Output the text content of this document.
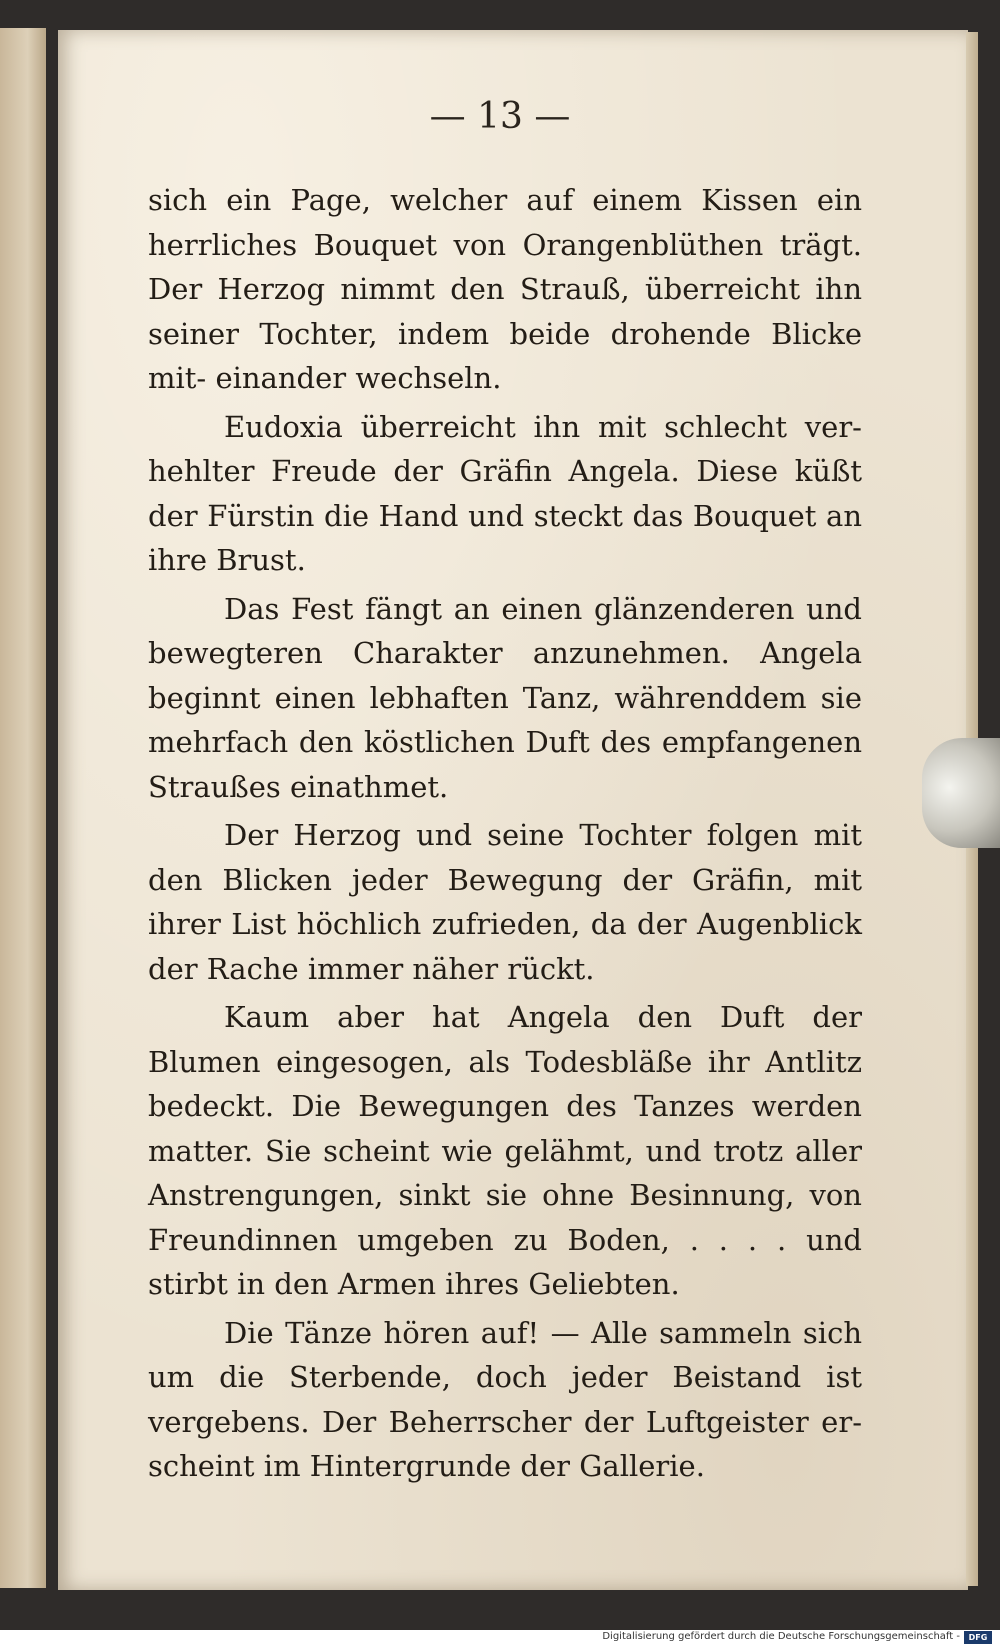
— 13 —

sich ein Page, welcher auf einem Kissen ein herrliches Bouquet von Orangenblüthen trägt. Der Herzog nimmt den Strauß, überreicht ihn seiner Tochter, indem beide drohende Blicke mit- einander wechseln.

Eudoxia überreicht ihn mit schlecht ver- hehlter Freude der Gräfin Angela. Diese küßt der Fürstin die Hand und steckt das Bouquet an ihre Brust.

Das Fest fängt an einen glänzenderen und bewegteren Charakter anzunehmen. Angela beginnt einen lebhaften Tanz, währenddem sie mehrfach den köstlichen Duft des empfangenen Straußes einathmet.

Der Herzog und seine Tochter folgen mit den Blicken jeder Bewegung der Gräfin, mit ihrer List höchlich zufrieden, da der Augenblick der Rache immer näher rückt.

Kaum aber hat Angela den Duft der Blumen eingesogen, als Todesbläße ihr Antlitz bedeckt. Die Bewegungen des Tanzes werden matter. Sie scheint wie gelähmt, und trotz aller Anstrengungen, sinkt sie ohne Besinnung, von Freundinnen umgeben zu Boden, . . . . und stirbt in den Armen ihres Geliebten.

Die Tänze hören auf! — Alle sammeln sich um die Sterbende, doch jeder Beistand ist vergebens. Der Beherrscher der Luftgeister er- scheint im Hintergrunde der Gallerie.

Digitalisierung gefördert durch die Deutsche Forschungsgemeinschaft -	DFG
